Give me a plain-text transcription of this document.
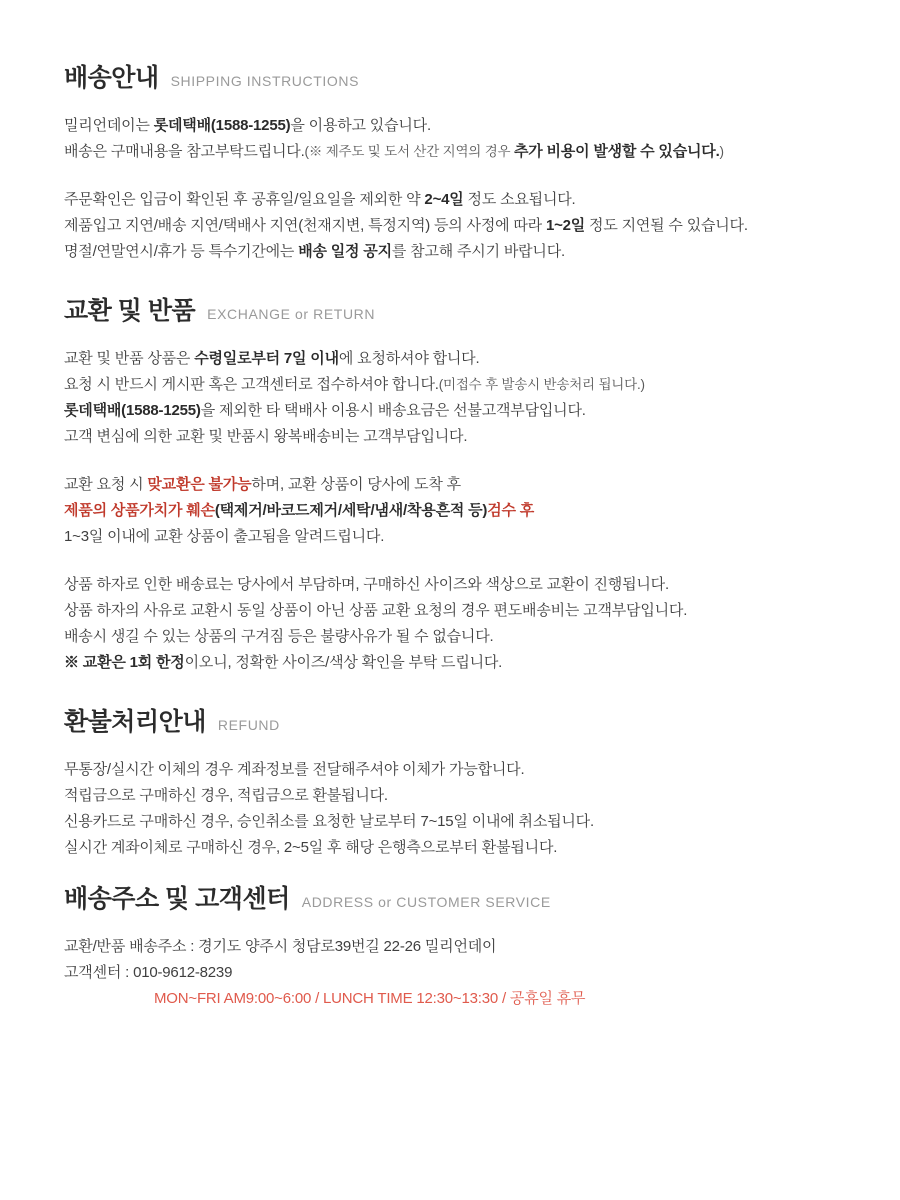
배송안내 SHIPPING INSTRUCTIONS
밀리언데이는 롯데택배(1588-1255)을 이용하고 있습니다.
배송은 구매내용을 참고부탁드립니다.(※ 제주도 및 도서 산간 지역의 경우 추가 비용이 발생할 수 있습니다.)
주문확인은 입금이 확인된 후 공휴일/일요일을 제외한 약 2~4일 정도 소요됩니다.
제품입고 지연/배송 지연/택배사 지연(천재지변, 특정지역) 등의 사정에 따라 1~2일 정도 지연될 수 있습니다.
명절/연말연시/휴가 등 특수기간에는 배송 일정 공지를 참고해 주시기 바랍니다.
교환 및 반품 EXCHANGE or RETURN
교환 및 반품 상품은 수령일로부터 7일 이내에 요청하셔야 합니다.
요청 시 반드시 게시판 혹은 고객센터로 접수하셔야 합니다.(미접수 후 발송시 반송처리 됩니다.)
롯데택배(1588-1255)을 제외한 타 택배사 이용시 배송요금은 선불고객부담입니다.
고객 변심에 의한 교환 및 반품시 왕복배송비는 고객부담입니다.
교환 요청 시 맞교환은 불가능하며, 교환 상품이 당사에 도착 후
제품의 상품가치가 훼손(택제거/바코드제거/세탁/냄새/착용흔적 등)검수 후
1~3일 이내에 교환 상품이 출고됨을 알려드립니다.
상품 하자로 인한 배송료는 당사에서 부담하며, 구매하신 사이즈와 색상으로 교환이 진행됩니다.
상품 하자의 사유로 교환시 동일 상품이 아닌 상품 교환 요청의 경우 편도배송비는 고객부담입니다.
배송시 생길 수 있는 상품의 구겨짐 등은 불량사유가 될 수 없습니다.
※ 교환은 1회 한정이오니, 정확한 사이즈/색상 확인을 부탁 드립니다.
환불처리안내 REFUND
무통장/실시간 이체의 경우 계좌정보를 전달해주셔야 이체가 가능합니다.
적립금으로 구매하신 경우, 적립금으로 환불됩니다.
신용카드로 구매하신 경우, 승인취소를 요청한 날로부터 7~15일 이내에 취소됩니다.
실시간 계좌이체로 구매하신 경우, 2~5일 후 해당 은행측으로부터 환불됩니다.
배송주소 및 고객센터 ADDRESS or CUSTOMER SERVICE
교환/반품 배송주소 : 경기도 양주시 청담로39번길 22-26 밀리언데이
고객센터 : 010-9612-8239
MON~FRI AM9:00~6:00 / LUNCH TIME 12:30~13:30 / 공휴일 휴무
